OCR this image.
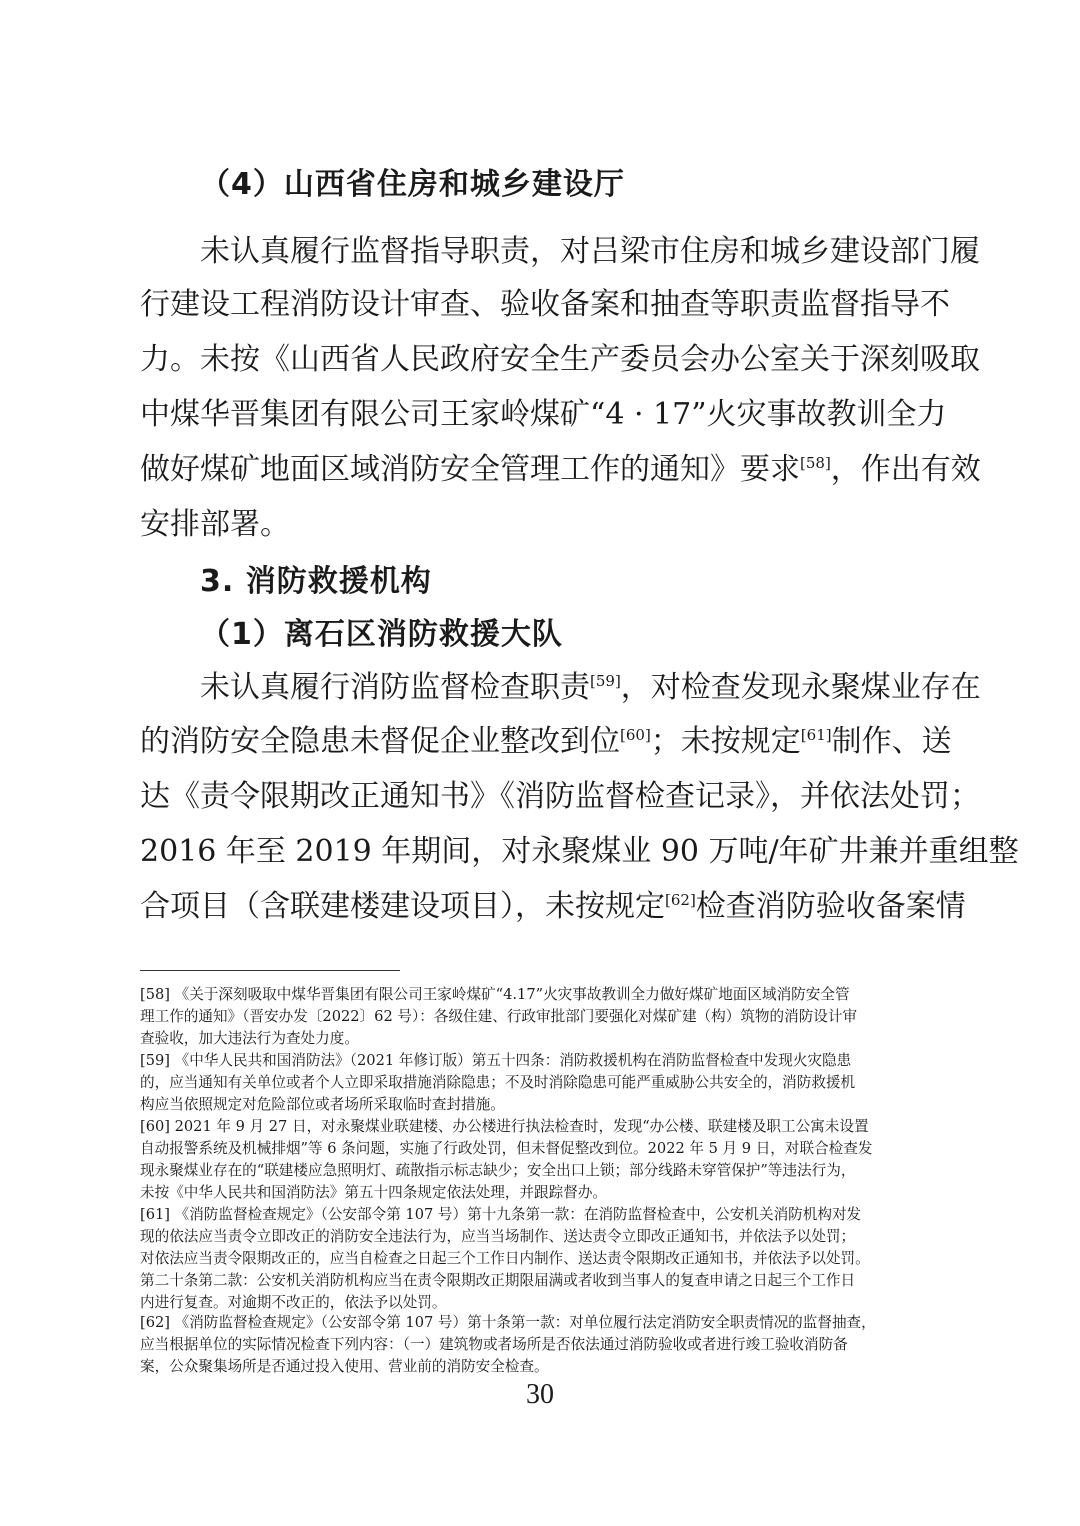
（4）山西省住房和城乡建设厅
未认真履行监督指导职责，对吕梁市住房和城乡建设部门履
行建设工程消防设计审查、验收备案和抽查等职责监督指导不
力。未按《山西省人民政府安全生产委员会办公室关于深刻吸取
中煤华晋集团有限公司王家岭煤矿“4 · 17”火灾事故教训全力
做好煤矿地面区域消防安全管理工作的通知》要求[58]，作出有效
安排部署。
3. 消防救援机构
（1）离石区消防救援大队
未认真履行消防监督检查职责[59]，对检查发现永聚煤业存在
的消防安全隐患未督促企业整改到位[60]；未按规定[61]制作、送
达《责令限期改正通知书》《消防监督检查记录》，并依法处罚；
2016 年至 2019 年期间，对永聚煤业 90 万吨/年矿井兼并重组整
合项目（含联建楼建设项目），未按规定[62]检查消防验收备案情
[58] 《关于深刻吸取中煤华晋集团有限公司王家岭煤矿“4.17”火灾事故教训全力做好煤矿地面区域消防安全管
理工作的通知》（晋安办发〔2022〕62 号）：各级住建、行政审批部门要强化对煤矿建（构）筑物的消防设计审
查验收，加大违法行为查处力度。
[59] 《中华人民共和国消防法》（2021 年修订版）第五十四条：消防救援机构在消防监督检查中发现火灾隐患
的，应当通知有关单位或者个人立即采取措施消除隐患；不及时消除隐患可能严重威胁公共安全的，消防救援机
构应当依照规定对危险部位或者场所采取临时查封措施。
[60] 2021 年 9 月 27 日，对永聚煤业联建楼、办公楼进行执法检查时，发现“办公楼、联建楼及职工公寓未设置
自动报警系统及机械排烟”等 6 条问题，实施了行政处罚，但未督促整改到位。2022 年 5 月 9 日，对联合检查发
现永聚煤业存在的“联建楼应急照明灯、疏散指示标志缺少；安全出口上锁；部分线路未穿管保护”等违法行为，
未按《中华人民共和国消防法》第五十四条规定依法处理，并跟踪督办。
[61] 《消防监督检查规定》（公安部令第 107 号）第十九条第一款：在消防监督检查中，公安机关消防机构对发
现的依法应当责令立即改正的消防安全违法行为，应当当场制作、送达责令立即改正通知书，并依法予以处罚；
对依法应当责令限期改正的，应当自检查之日起三个工作日内制作、送达责令限期改正通知书，并依法予以处罚。
第二十条第二款：公安机关消防机构应当在责令限期改正期限届满或者收到当事人的复查申请之日起三个工作日
内进行复查。对逾期不改正的，依法予以处罚。
[62] 《消防监督检查规定》（公安部令第 107 号）第十条第一款：对单位履行法定消防安全职责情况的监督抽查，
应当根据单位的实际情况检查下列内容：（一）建筑物或者场所是否依法通过消防验收或者进行竣工验收消防备
案，公众聚集场所是否通过投入使用、营业前的消防安全检查。
30
